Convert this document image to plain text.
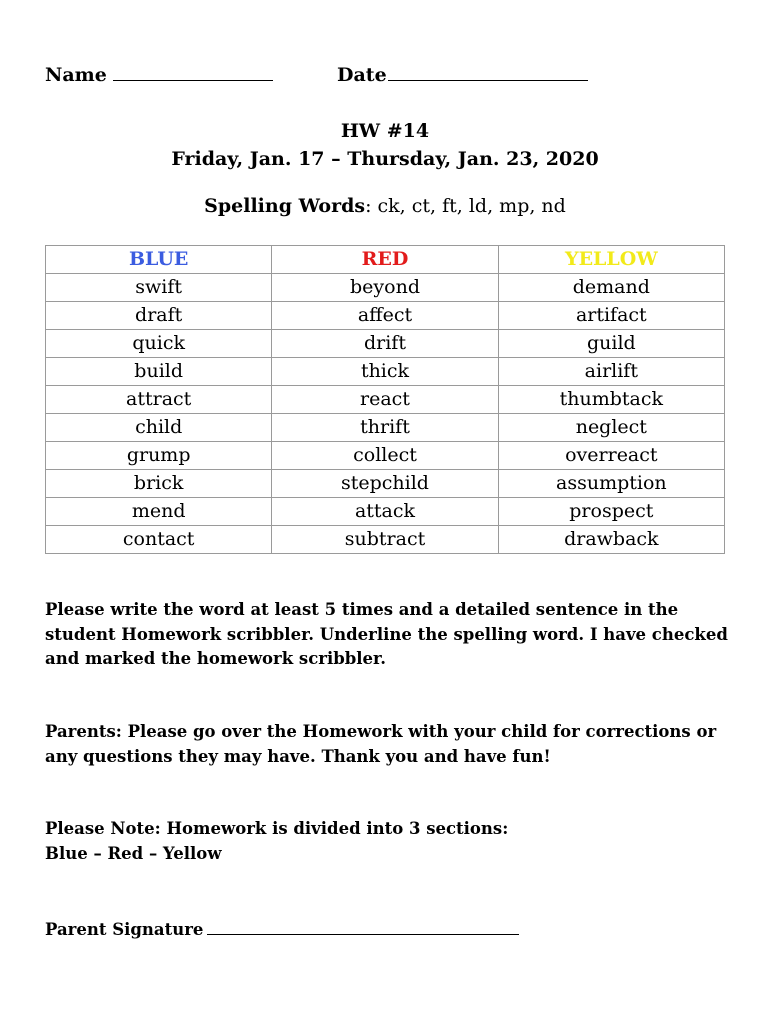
Name	Date
HW #14
Friday, Jan. 17 – Thursday, Jan. 23, 2020
Spelling Words: ck, ct, ft, ld, mp, nd
BLUE	RED	YELLOW
swift	beyond	demand
draft	affect	artifact
quick	drift	guild
build	thick	airlift
attract	react	thumbtack
child	thrift	neglect
grump	collect	overreact
brick	stepchild	assumption
mend	attack	prospect
contact	subtract	drawback
Please write the word at least 5 times and a detailed sentence in the student Homework scribbler. Underline the spelling word. I have checked and marked the homework scribbler.
Parents: Please go over the Homework with your child for corrections or any questions they may have. Thank you and have fun!
Please Note: Homework is divided into 3 sections:
Blue – Red – Yellow
Parent Signature
